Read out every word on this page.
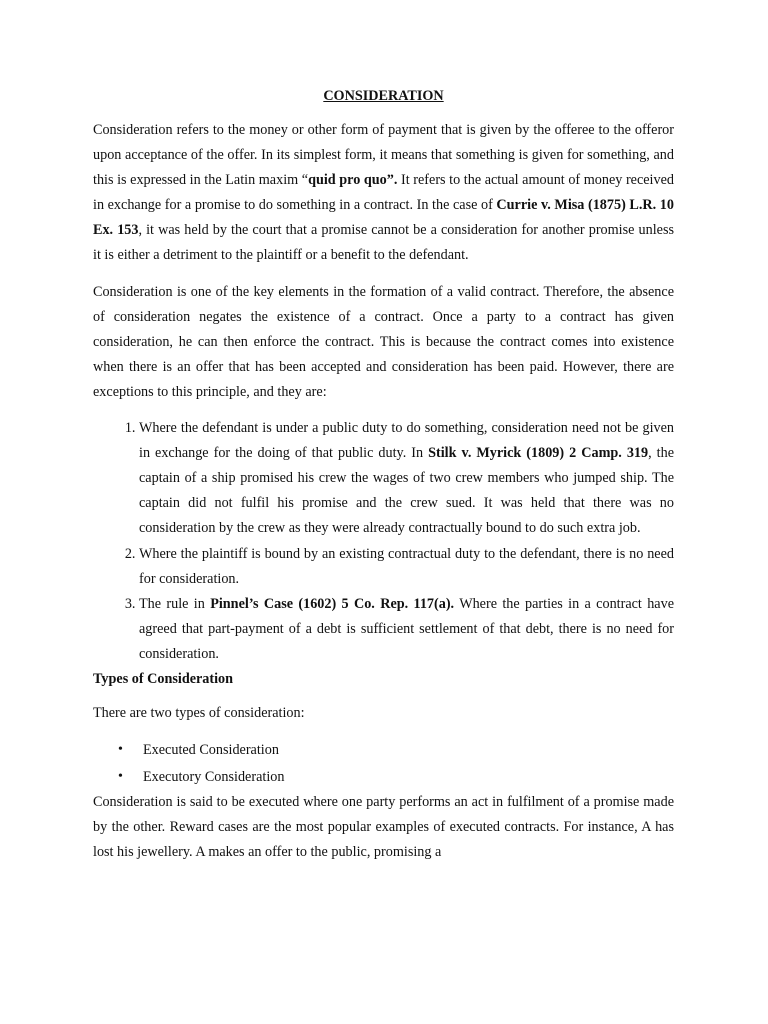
CONSIDERATION

Consideration refers to the money or other form of payment that is given by the offeree to the offeror upon acceptance of the offer. In its simplest form, it means that something is given for something, and this is expressed in the Latin maxim “quid pro quo”. It refers to the actual amount of money received in exchange for a promise to do something in a contract. In the case of Currie v. Misa (1875) L.R. 10 Ex. 153, it was held by the court that a promise cannot be a consideration for another promise unless it is either a detriment to the plaintiff or a benefit to the defendant.

Consideration is one of the key elements in the formation of a valid contract. Therefore, the absence of consideration negates the existence of a contract. Once a party to a contract has given consideration, he can then enforce the contract. This is because the contract comes into existence when there is an offer that has been accepted and consideration has been paid. However, there are exceptions to this principle, and they are:

1. Where the defendant is under a public duty to do something, consideration need not be given in exchange for the doing of that public duty. In Stilk v. Myrick (1809) 2 Camp. 319, the captain of a ship promised his crew the wages of two crew members who jumped ship. The captain did not fulfil his promise and the crew sued. It was held that there was no consideration by the crew as they were already contractually bound to do such extra job.
2. Where the plaintiff is bound by an existing contractual duty to the defendant, there is no need for consideration.
3. The rule in Pinnel’s Case (1602) 5 Co. Rep. 117(a). Where the parties in a contract have agreed that part-payment of a debt is sufficient settlement of that debt, there is no need for consideration.
Types of Consideration

There are two types of consideration:

• Executed Consideration
• Executory Consideration

Consideration is said to be executed where one party performs an act in fulfilment of a promise made by the other. Reward cases are the most popular examples of executed contracts. For instance, A has lost his jewellery. A makes an offer to the public, promising a
